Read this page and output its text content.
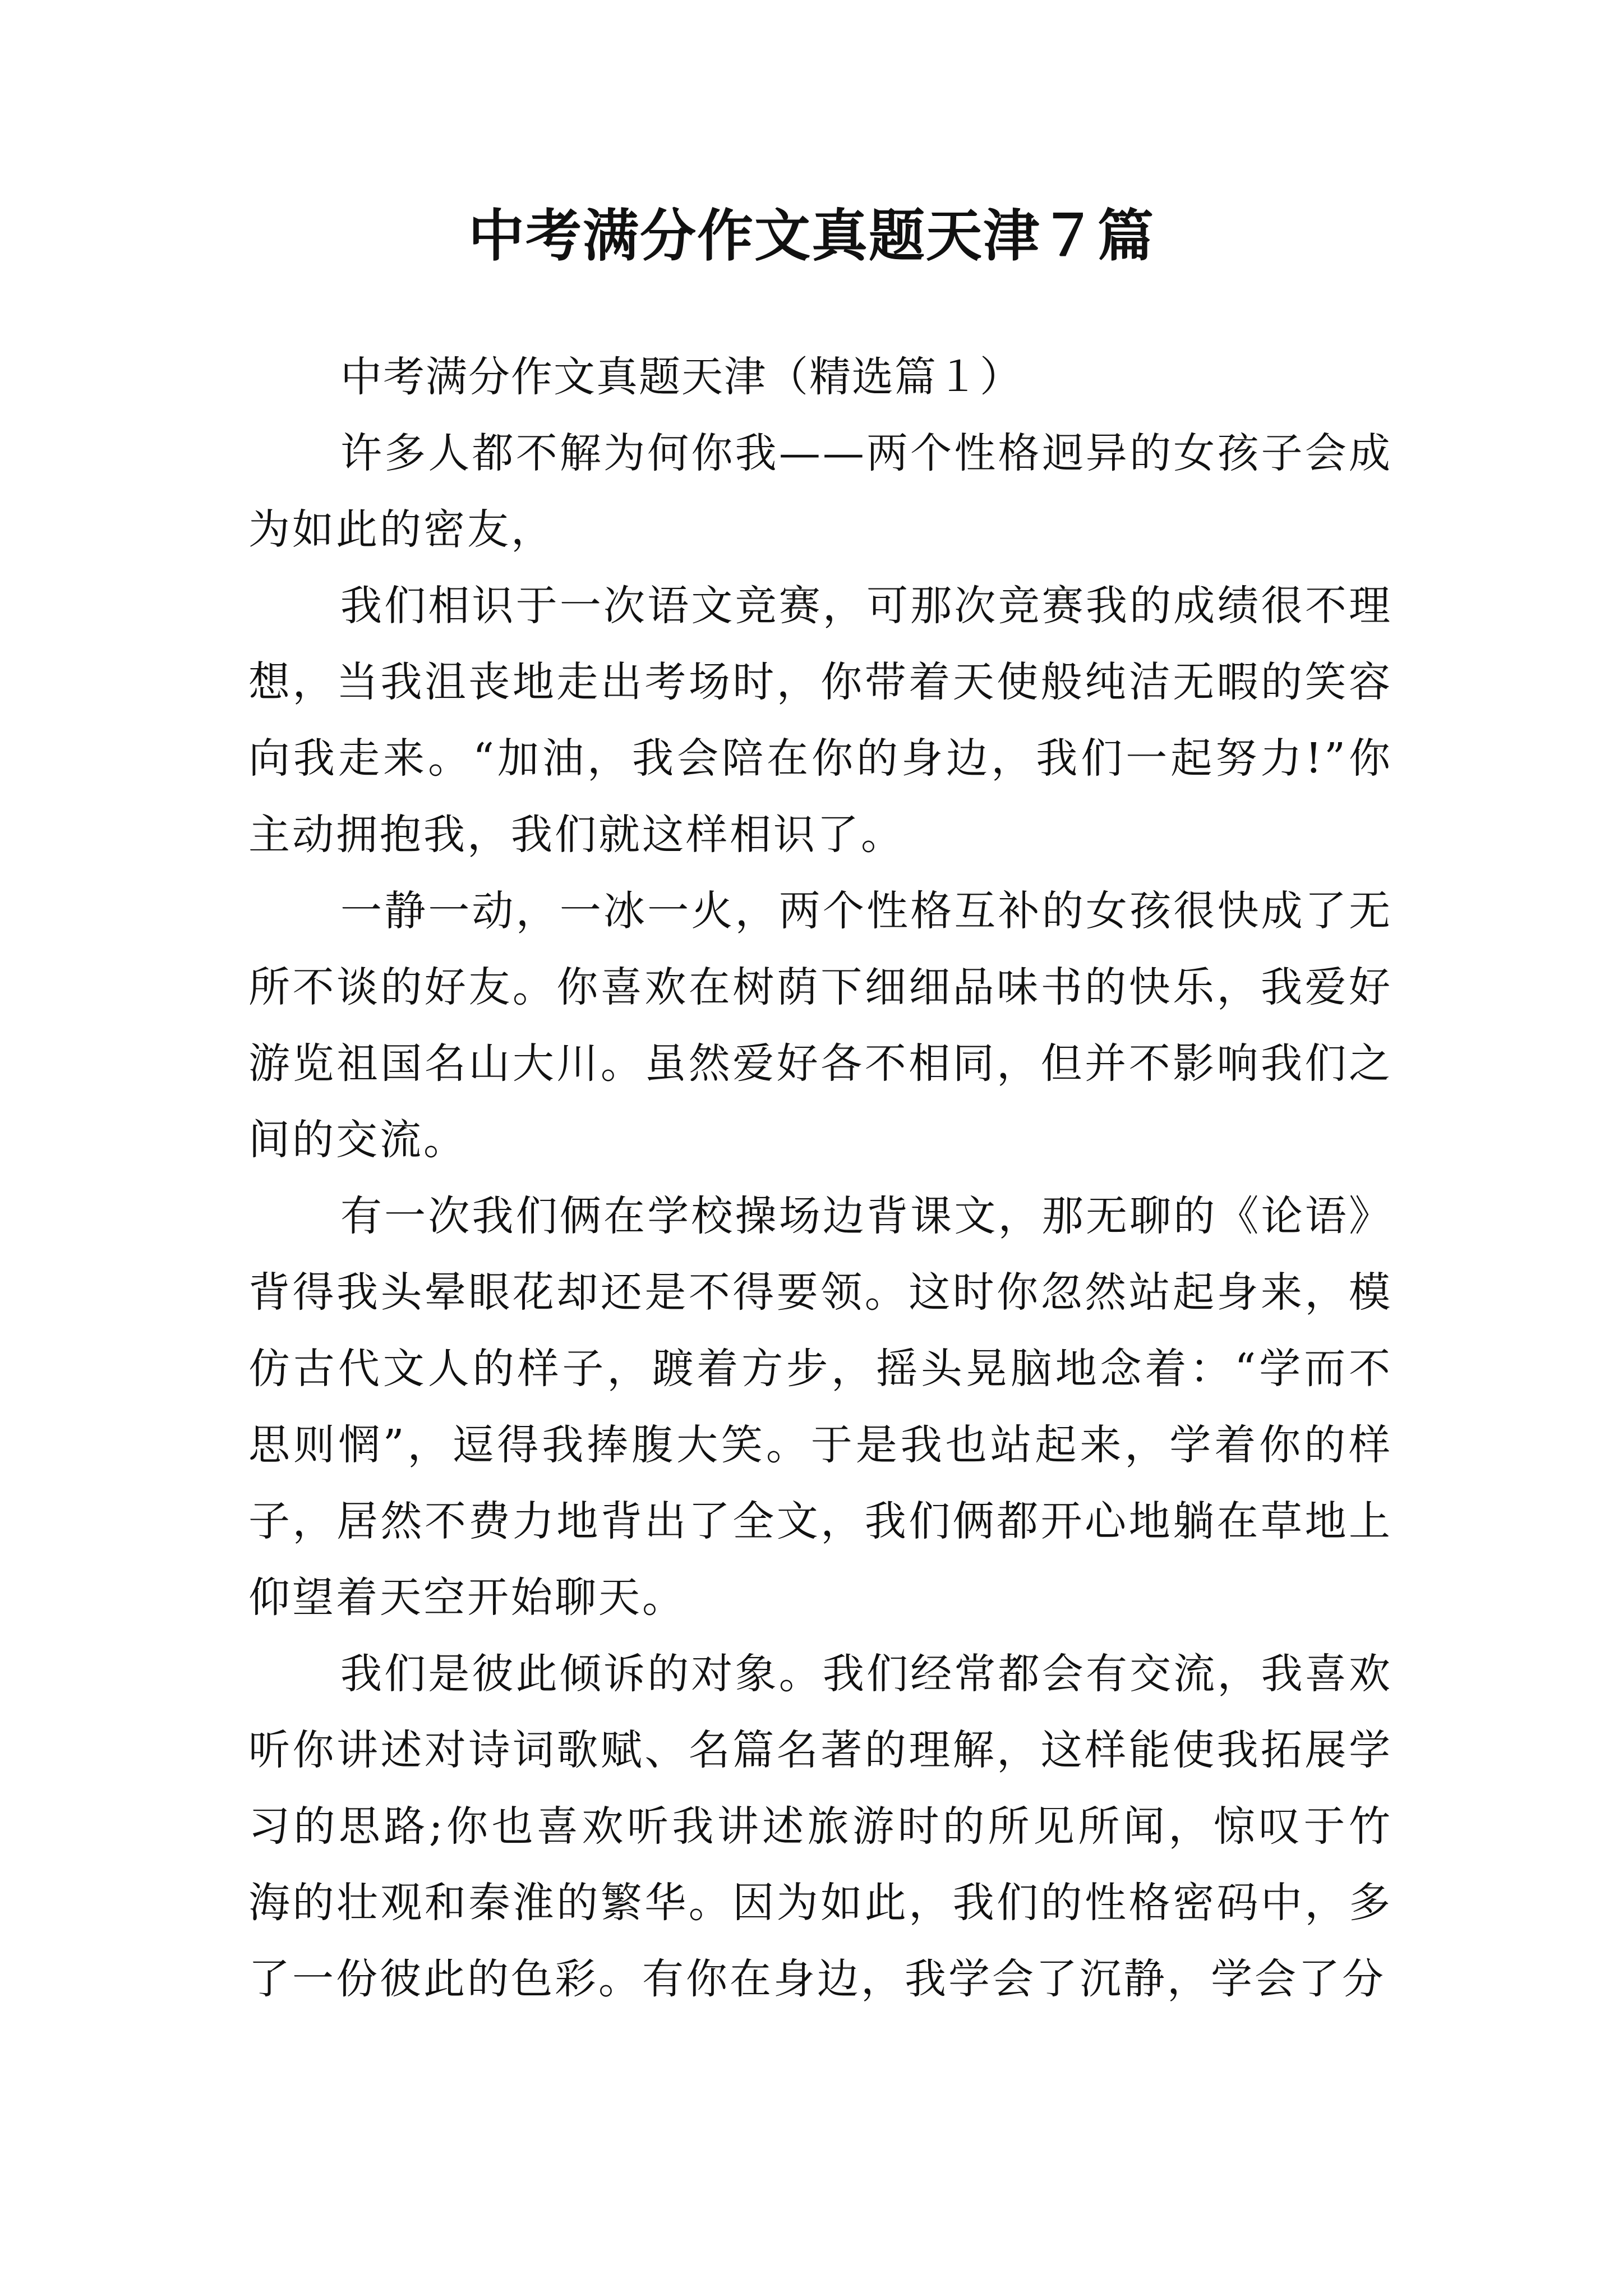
中考满分作文真题天津７篇

中考满分作文真题天津（精选篇１）

许多人都不解为何你我——两个性格迥异的女孩子会成为如此的密友，

我们相识于一次语文竞赛，可那次竞赛我的成绩很不理想，当我沮丧地走出考场时，你带着天使般纯洁无暇的笑容向我走来。“加油，我会陪在你的身边，我们一起努力!”你主动拥抱我，我们就这样相识了。

一静一动，一冰一火，两个性格互补的女孩很快成了无所不谈的好友。你喜欢在树荫下细细品味书的快乐，我爱好游览祖国名山大川。虽然爱好各不相同，但并不影响我们之间的交流。

有一次我们俩在学校操场边背课文，那无聊的《论语》背得我头晕眼花却还是不得要领。这时你忽然站起身来，模仿古代文人的样子，踱着方步，摇头晃脑地念着：“学而不思则惘”，逗得我捧腹大笑。于是我也站起来，学着你的样子，居然不费力地背出了全文，我们俩都开心地躺在草地上仰望着天空开始聊天。

我们是彼此倾诉的对象。我们经常都会有交流，我喜欢听你讲述对诗词歌赋、名篇名著的理解，这样能使我拓展学习的思路;你也喜欢听我讲述旅游时的所见所闻，惊叹于竹海的壮观和秦淮的繁华。因为如此，我们的性格密码中，多了一份彼此的色彩。有你在身边，我学会了沉静，学会了分
